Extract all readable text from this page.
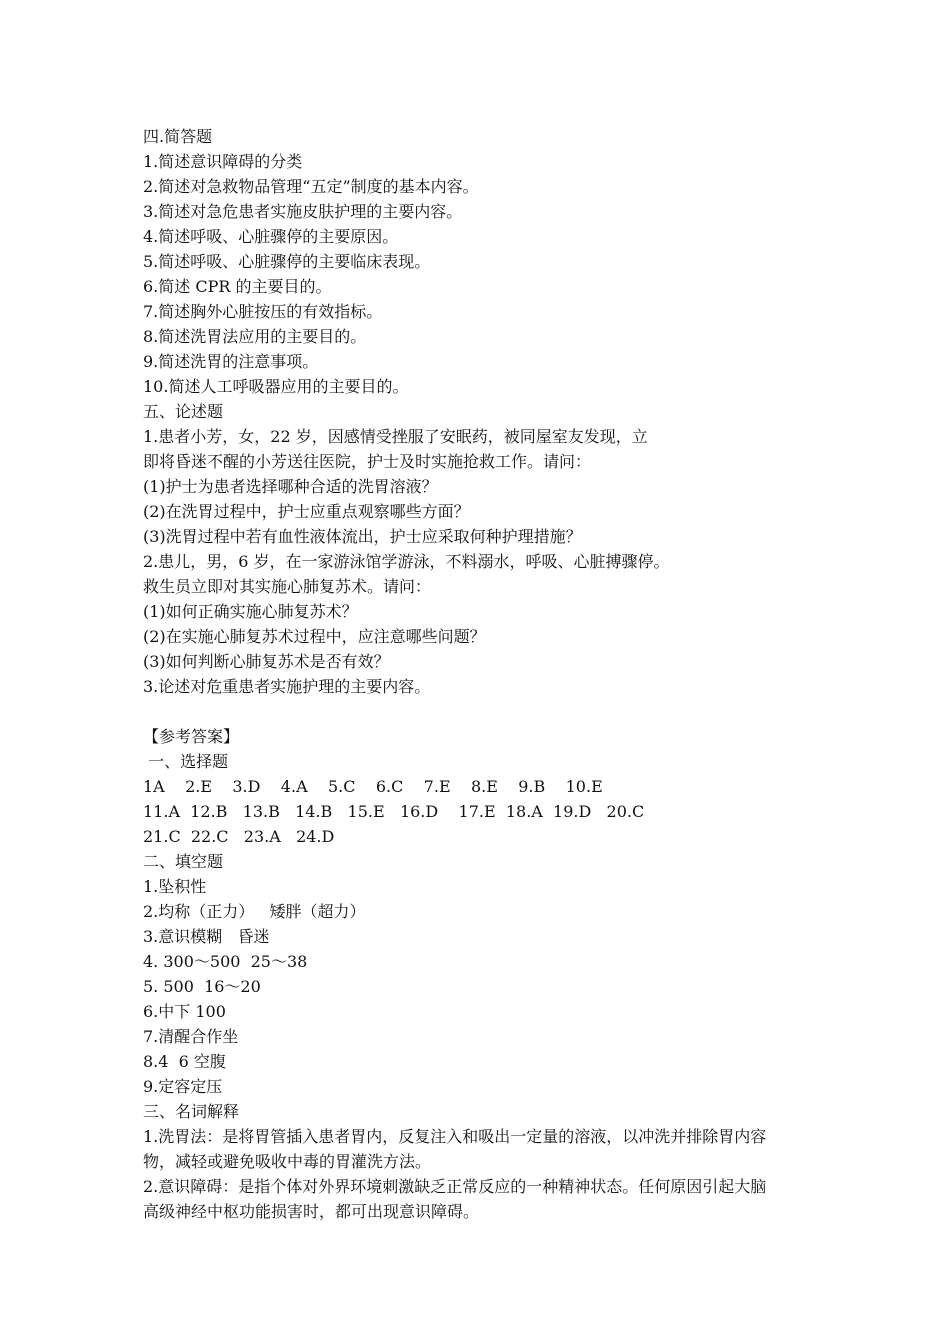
四.简答题
1.简述意识障碍的分类
2.简述对急救物品管理“五定”制度的基本内容。
3.简述对急危患者实施皮肤护理的主要内容。
4.简述呼吸、心脏骤停的主要原因。
5.简述呼吸、心脏骤停的主要临床表现。
6.简述 CPR 的主要目的。
7.简述胸外心脏按压的有效指标。
8.简述洗胃法应用的主要目的。
9.简述洗胃的注意事项。
10.简述人工呼吸器应用的主要目的。
五、论述题
1.患者小芳，女，22 岁，因感情受挫服了安眠药，被同屋室友发现，立
即将昏迷不醒的小芳送往医院，护士及时实施抢救工作。请问：
(1)护士为患者选择哪种合适的洗胃溶液？
(2)在洗胃过程中，护士应重点观察哪些方面？
(3)洗胃过程中若有血性液体流出，护士应采取何种护理措施？
2.患儿，男，6 岁，在一家游泳馆学游泳，不料溺水，呼吸、心脏搏骤停。
救生员立即对其实施心肺复苏术。请问：
(1)如何正确实施心肺复苏术？
(2)在实施心肺复苏术过程中，应注意哪些问题？
(3)如何判断心肺复苏术是否有效？
3.论述对危重患者实施护理的主要内容。
【参考答案】
一、选择题
1A    2.E    3.D    4.A    5.C    6.C    7.E    8.E    9.B    10.E
11.A  12.B   13.B   14.B   15.E   16.D    17.E  18.A  19.D   20.C
21.C  22.C   23.A   24.D
二、填空题
1.坠积性
2.均称（正力）   矮胖（超力）
3.意识模糊   昏迷
4. 300～500  25～38
5. 500  16～20
6.中下 100
7.清醒合作坐
8.4  6 空腹
9.定容定压
三、名词解释
1.洗胃法：是将胃管插入患者胃内，反复注入和吸出一定量的溶液，以冲洗并排除胃内容
物，减轻或避免吸收中毒的胃灌洗方法。
2.意识障碍：是指个体对外界环境刺激缺乏正常反应的一种精神状态。任何原因引起大脑
高级神经中枢功能损害时，都可出现意识障碍。
